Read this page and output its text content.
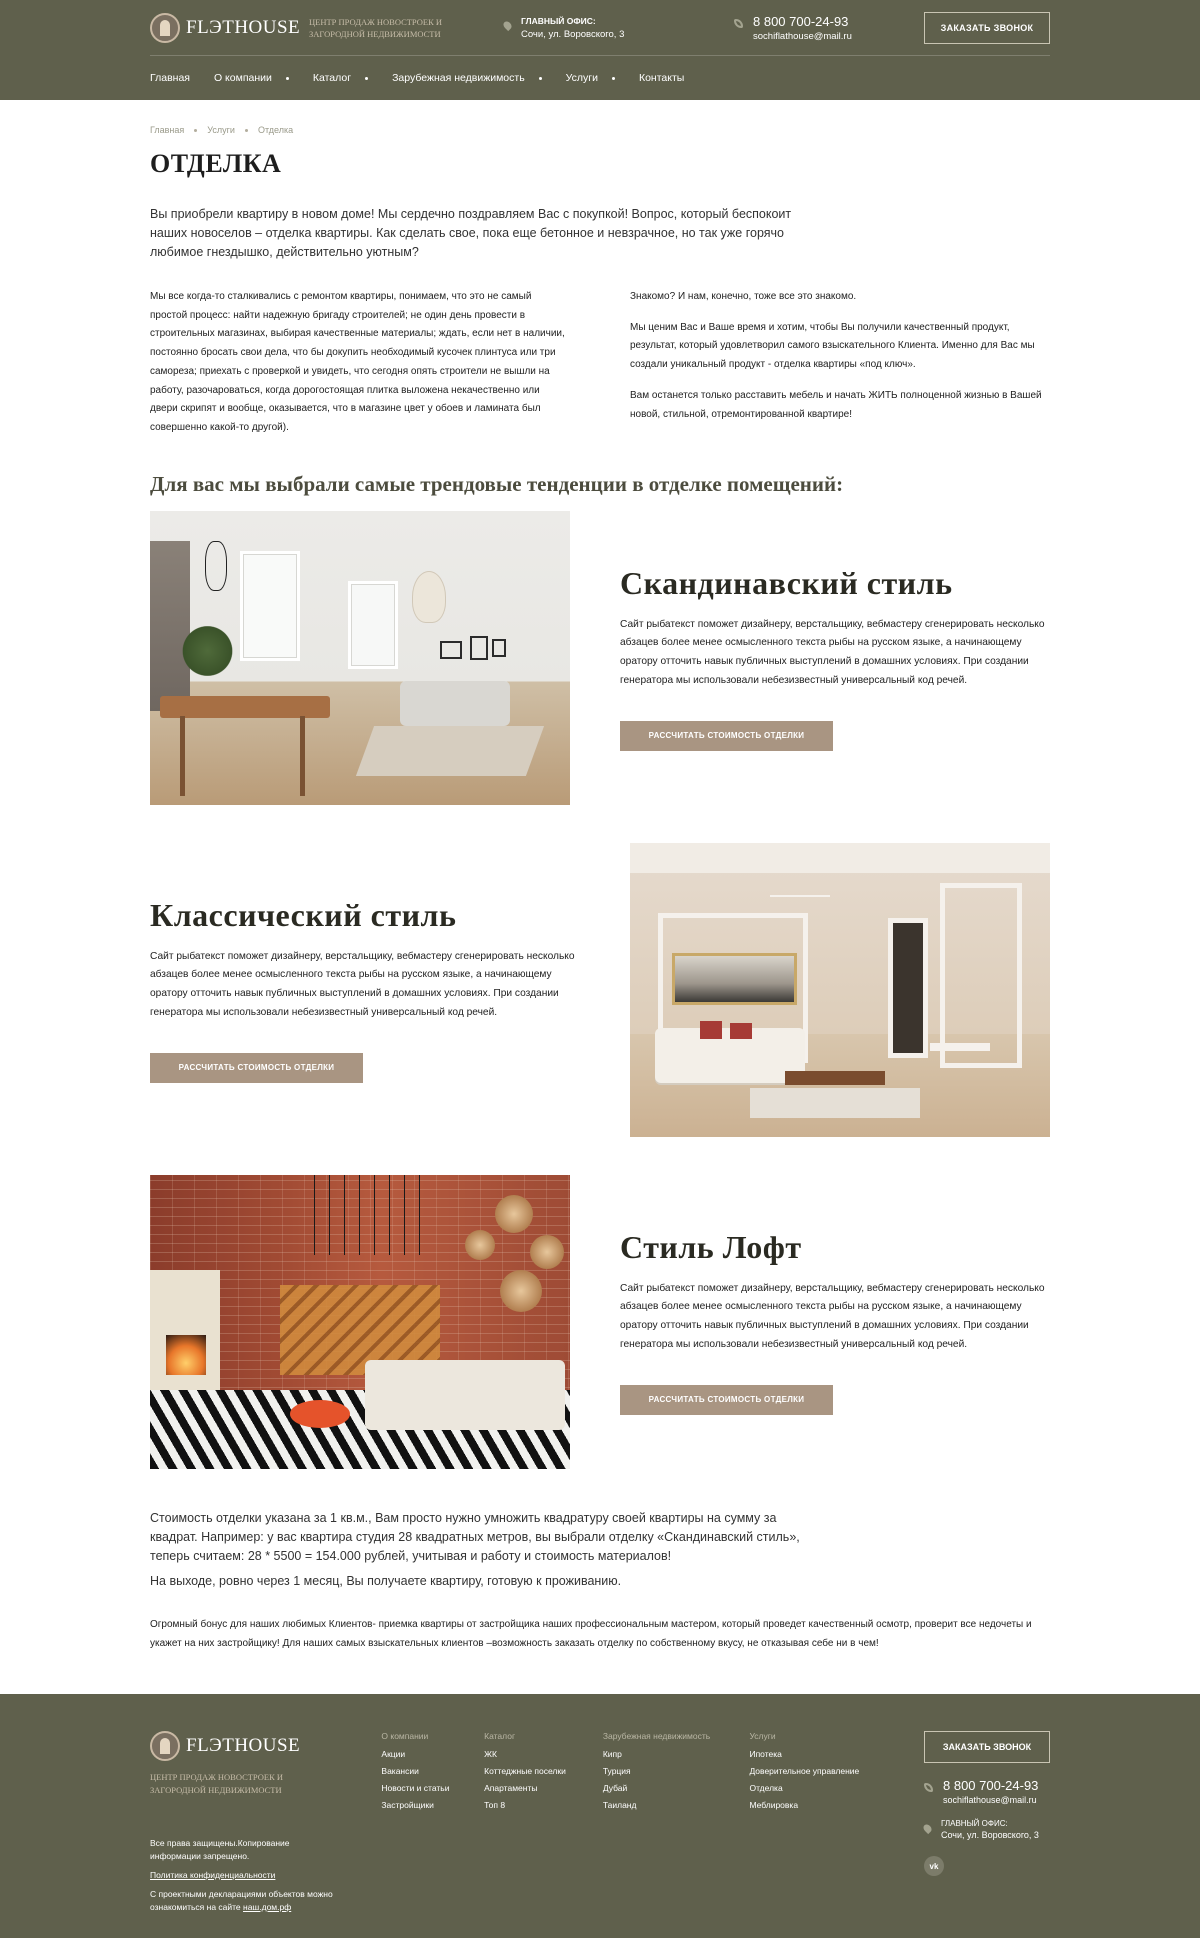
FLЭTHOUSE ЦЕНТР ПРОДАЖ НОВОСТРОЕК И ЗАГОРОДНОЙ НЕДВИЖИМОСТИ
ГЛАВНЫЙ ОФИС:
Сочи, ул. Воровского, 3
8 800 700-24-93
sochiflathouse@mail.ru
ЗАКАЗАТЬ ЗВОНОК
Главная О компании	Каталог	Зарубежная недвижимость	Услуги	Контакты
Главная	Услуги	Отделка
ОТДЕЛКА

Вы приобрели квартиру в новом доме! Мы сердечно поздравляем Вас с покупкой! Вопрос, который беспокоит наших новоселов – отделка квартиры. Как сделать свое, пока еще бетонное и невзрачное, но так уже горячо любимое гнездышко, действительно уютным?

Мы все когда-то сталкивались с ремонтом квартиры, понимаем, что это не самый простой процесс: найти надежную бригаду строителей; не один день провести в строительных магазинах, выбирая качественные материалы; ждать, если нет в наличии, постоянно бросать свои дела, что бы докупить необходимый кусочек плинтуса или три самореза; приехать с проверкой и увидеть, что сегодня опять строители не вышли на работу, разочароваться, когда дорогостоящая плитка выложена некачественно или двери скрипят и вообще, оказывается, что в магазине цвет у обоев и ламината был совершенно какой-то другой).

Знакомо? И нам, конечно, тоже все это знакомо.

Мы ценим Вас и Ваше время и хотим, чтобы Вы получили качественный продукт, результат, который удовлетворил самого взыскательного Клиента. Именно для Вас мы создали уникальный продукт - отделка квартиры «под ключ».

Вам останется только расставить мебель и начать ЖИТЬ полноценной жизнью в Вашей новой, стильной, отремонтированной квартире!

Для вас мы выбрали самые трендовые тенденции в отделке помещений:
Скандинавский стиль

Сайт рыбатекст поможет дизайнеру, верстальщику, вебмастеру сгенерировать несколько абзацев более менее осмысленного текста рыбы на русском языке, а начинающему оратору отточить навык публичных выступлений в домашних условиях. При создании генератора мы использовали небезизвестный универсальный код речей.

РАССЧИТАТЬ СТОИМОСТЬ ОТДЕЛКИ
Классический стиль

Сайт рыбатекст поможет дизайнеру, верстальщику, вебмастеру сгенерировать несколько абзацев более менее осмысленного текста рыбы на русском языке, а начинающему оратору отточить навык публичных выступлений в домашних условиях. При создании генератора мы использовали небезизвестный универсальный код речей.

РАССЧИТАТЬ СТОИМОСТЬ ОТДЕЛКИ
Стиль Лофт

Сайт рыбатекст поможет дизайнеру, верстальщику, вебмастеру сгенерировать несколько абзацев более менее осмысленного текста рыбы на русском языке, а начинающему оратору отточить навык публичных выступлений в домашних условиях. При создании генератора мы использовали небезизвестный универсальный код речей.

РАССЧИТАТЬ СТОИМОСТЬ ОТДЕЛКИ

Стоимость отделки указана за 1 кв.м., Вам просто нужно умножить квадратуру своей квартиры на сумму за квадрат. Например: у вас квартира студия 28 квадратных метров, вы выбрали отделку «Скандинавский стиль», теперь считаем: 28 * 5500 = 154.000 рублей, учитывая и работу и стоимость материалов!

На выходе, ровно через 1 месяц, Вы получаете квартиру, готовую к проживанию.

Огромный бонус для наших любимых Клиентов- приемка квартиры от застройщика наших профессиональным мастером, который проведет качественный осмотр, проверит все недочеты и укажет на них застройщику! Для наших самых взыскательных клиентов –возможность заказать отделку по собственному вкусу, не отказывая себе ни в чем!

FLЭTHOUSE
ЦЕНТР ПРОДАЖ НОВОСТРОЕК И ЗАГОРОДНОЙ НЕДВИЖИМОСТИ
Все права защищены.Копирование информации запрещено.
Политика конфиденциальности
С проектными декларациями объектов можно ознакомиться на сайте наш.дом.рф
О компании
Акции
Вакансии
Новости и статьи
Застройщики
Каталог
ЖК
Коттеджные поселки
Апартаменты
Топ 8
Зарубежная недвижимость
Кипр
Турция
Дубай
Таиланд
Услуги
Ипотека
Доверительное управление
Отделка
Меблировка
ЗАКАЗАТЬ ЗВОНОК
8 800 700-24-93
sochiflathouse@mail.ru
ГЛАВНЫЙ ОФИС:
Сочи, ул. Воровского, 3
vk
